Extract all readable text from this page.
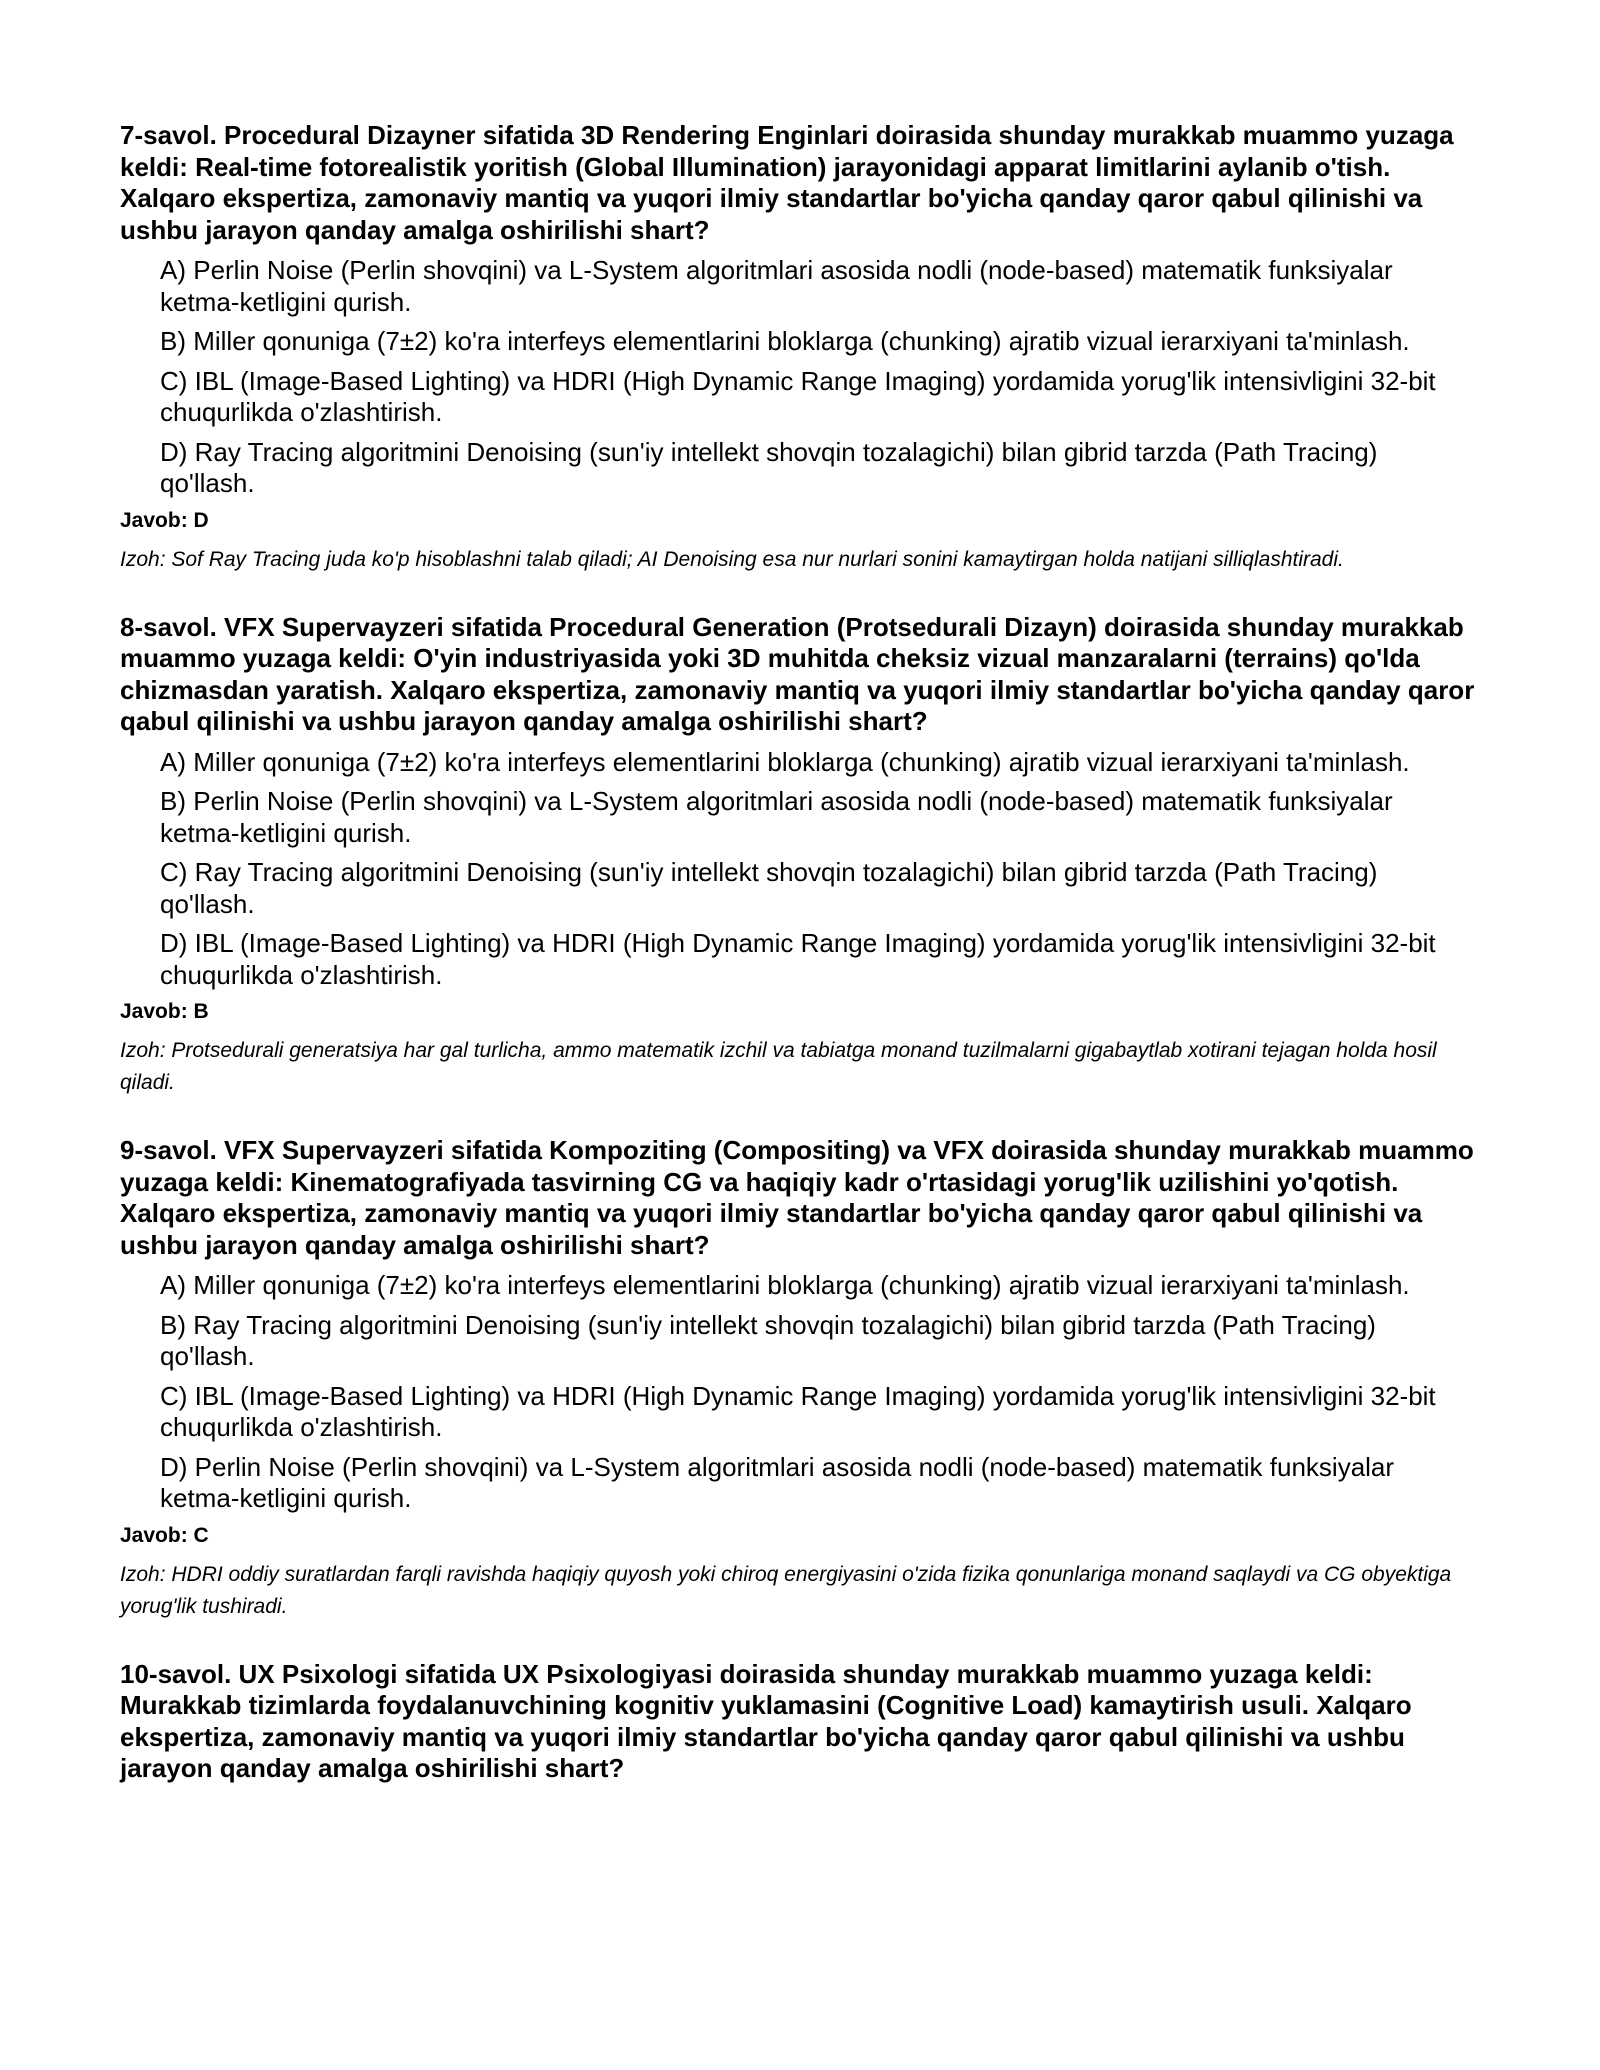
7-savol. Procedural Dizayner sifatida 3D Rendering Enginlari doirasida shunday murakkab muammo yuzaga keldi: Real-time fotorealistik yoritish (Global Illumination) jarayonidagi apparat limitlarini aylanib o'tish. Xalqaro ekspertiza, zamonaviy mantiq va yuqori ilmiy standartlar bo'yicha qanday qaror qabul qilinishi va ushbu jarayon qanday amalga oshirilishi shart?

A) Perlin Noise (Perlin shovqini) va L-System algoritmlari asosida nodli (node-based) matematik funksiyalar ketma-ketligini qurish.

B) Miller qonuniga (7±2) ko'ra interfeys elementlarini bloklarga (chunking) ajratib vizual ierarxiyani ta'minlash.

C) IBL (Image-Based Lighting) va HDRI (High Dynamic Range Imaging) yordamida yorug'lik intensivligini 32-bit chuqurlikda o'zlashtirish.

D) Ray Tracing algoritmini Denoising (sun'iy intellekt shovqin tozalagichi) bilan gibrid tarzda (Path Tracing) qo'llash.

Javob: D

Izoh: Sof Ray Tracing juda ko'p hisoblashni talab qiladi; AI Denoising esa nur nurlari sonini kamaytirgan holda natijani silliqlashtiradi.

8-savol. VFX Supervayzeri sifatida Procedural Generation (Protsedurali Dizayn) doirasida shunday murakkab muammo yuzaga keldi: O'yin industriyasida yoki 3D muhitda cheksiz vizual manzaralarni (terrains) qo'lda chizmasdan yaratish. Xalqaro ekspertiza, zamonaviy mantiq va yuqori ilmiy standartlar bo'yicha qanday qaror qabul qilinishi va ushbu jarayon qanday amalga oshirilishi shart?

A) Miller qonuniga (7±2) ko'ra interfeys elementlarini bloklarga (chunking) ajratib vizual ierarxiyani ta'minlash.

B) Perlin Noise (Perlin shovqini) va L-System algoritmlari asosida nodli (node-based) matematik funksiyalar ketma-ketligini qurish.

C) Ray Tracing algoritmini Denoising (sun'iy intellekt shovqin tozalagichi) bilan gibrid tarzda (Path Tracing) qo'llash.

D) IBL (Image-Based Lighting) va HDRI (High Dynamic Range Imaging) yordamida yorug'lik intensivligini 32-bit chuqurlikda o'zlashtirish.

Javob: B

Izoh: Protsedurali generatsiya har gal turlicha, ammo matematik izchil va tabiatga monand tuzilmalarni gigabaytlab xotirani tejagan holda hosil qiladi.

9-savol. VFX Supervayzeri sifatida Kompoziting (Compositing) va VFX doirasida shunday murakkab muammo yuzaga keldi: Kinematografiyada tasvirning CG va haqiqiy kadr o'rtasidagi yorug'lik uzilishini yo'qotish. Xalqaro ekspertiza, zamonaviy mantiq va yuqori ilmiy standartlar bo'yicha qanday qaror qabul qilinishi va ushbu jarayon qanday amalga oshirilishi shart?

A) Miller qonuniga (7±2) ko'ra interfeys elementlarini bloklarga (chunking) ajratib vizual ierarxiyani ta'minlash.

B) Ray Tracing algoritmini Denoising (sun'iy intellekt shovqin tozalagichi) bilan gibrid tarzda (Path Tracing) qo'llash.

C) IBL (Image-Based Lighting) va HDRI (High Dynamic Range Imaging) yordamida yorug'lik intensivligini 32-bit chuqurlikda o'zlashtirish.

D) Perlin Noise (Perlin shovqini) va L-System algoritmlari asosida nodli (node-based) matematik funksiyalar ketma-ketligini qurish.

Javob: C

Izoh: HDRI oddiy suratlardan farqli ravishda haqiqiy quyosh yoki chiroq energiyasini o'zida fizika qonunlariga monand saqlaydi va CG obyektiga yorug'lik tushiradi.

10-savol. UX Psixologi sifatida UX Psixologiyasi doirasida shunday murakkab muammo yuzaga keldi: Murakkab tizimlarda foydalanuvchining kognitiv yuklamasini (Cognitive Load) kamaytirish usuli. Xalqaro ekspertiza, zamonaviy mantiq va yuqori ilmiy standartlar bo'yicha qanday qaror qabul qilinishi va ushbu jarayon qanday amalga oshirilishi shart?
